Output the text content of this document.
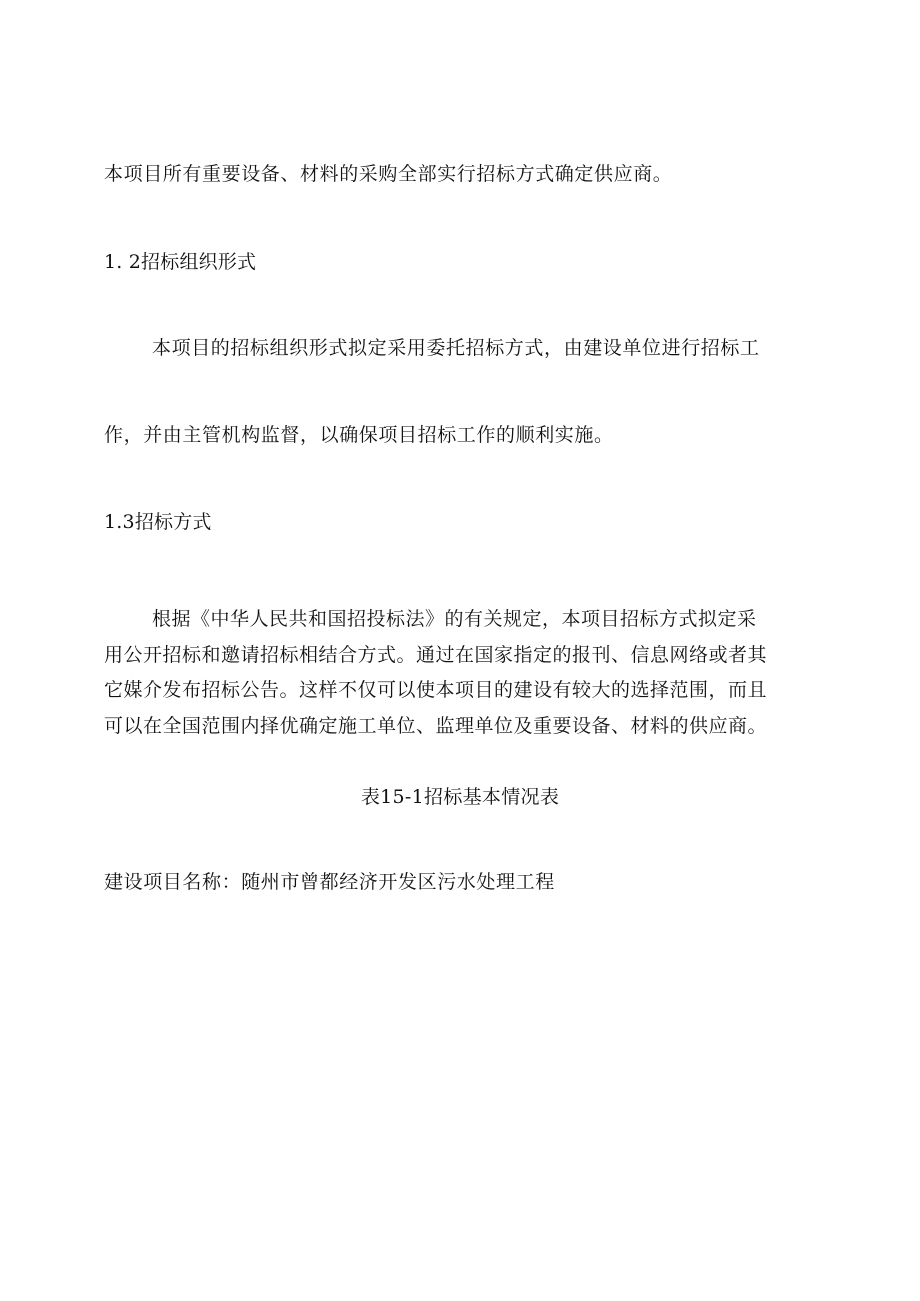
本项目所有重要设备、材料的采购全部实行招标方式确定供应商。
1. 2招标组织形式
本项目的招标组织形式拟定采用委托招标方式，由建设单位进行招标工
作，并由主管机构监督，以确保项目招标工作的顺利实施。
1.3招标方式

根据《中华人民共和国招投标法》的有关规定，本项目招标方式拟定采

用公开招标和邀请招标相结合方式。通过在国家指定的报刊、信息网络或者其

它媒介发布招标公告。这样不仅可以使本项目的建设有较大的选择范围，而且

可以在全国范围内择优确定施工单位、监理单位及重要设备、材料的供应商。

表15-1招标基本情况表
建设项目名称：随州市曾都经济开发区污水处理工程
